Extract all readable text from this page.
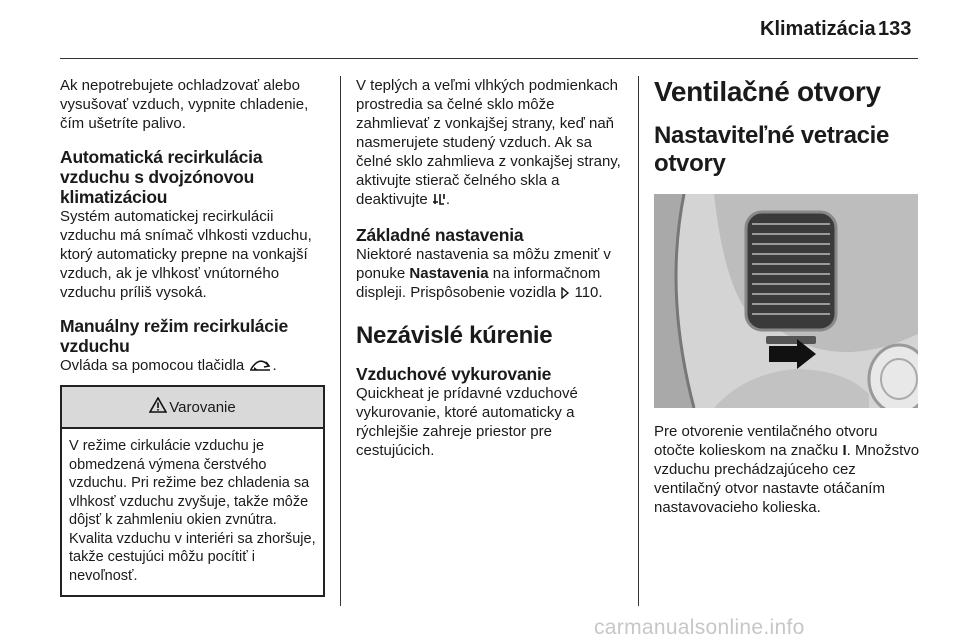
Klimatizácia 133

Ak nepotrebujete ochladzovať alebo vysušovať vzduch, vypnite chladenie, čím ušetríte palivo.

Automatická recirkulácia vzduchu s dvojzónovou klimatizáciou

Systém automatickej recirkulácii vzduchu má snímač vlhkosti vzduchu, ktorý automaticky prepne na vonkajší vzduch, ak je vlhkosť vnútorného vzduchu príliš vysoká.

Manuálny režim recirkulácie vzduchu

Ovláda sa pomocou tlačidla .

Varovanie
V režime cirkulácie vzduchu je obmedzená výmena čerstvého vzduchu. Pri režime bez chladenia sa vlhkosť vzduchu zvyšuje, takže môže dôjsť k zahmleniu okien zvnútra. Kvalita vzduchu v interiéri sa zhoršuje, takže cestujúci môžu pocítiť i nevoľnosť.

V teplých a veľmi vlhkých podmienkach prostredia sa čelné sklo môže zahmlievať z vonkajšej strany, keď naň nasmerujete studený vzduch. Ak sa čelné sklo zahmlieva z vonkajšej strany, aktivujte stierač čelného skla a deaktivujte .

Základné nastavenia

Niektoré nastavenia sa môžu zmeniť v ponuke Nastavenia na informačnom displeji. Prispôsobenie vozidla 110.

Nezávislé kúrenie
Vzduchové vykurovanie

Quickheat je prídavné vzduchové vykurovanie, ktoré automaticky a rýchlejšie zahreje priestor pre cestujúcich.

Ventilačné otvory
Nastaviteľné vetracie otvory

Pre otvorenie ventilačného otvoru otočte kolieskom na značku I. Množstvo vzduchu prechádzajúceho cez ventilačný otvor nastavte otáčaním nastavovacieho kolieska.

carmanualsonline.info
